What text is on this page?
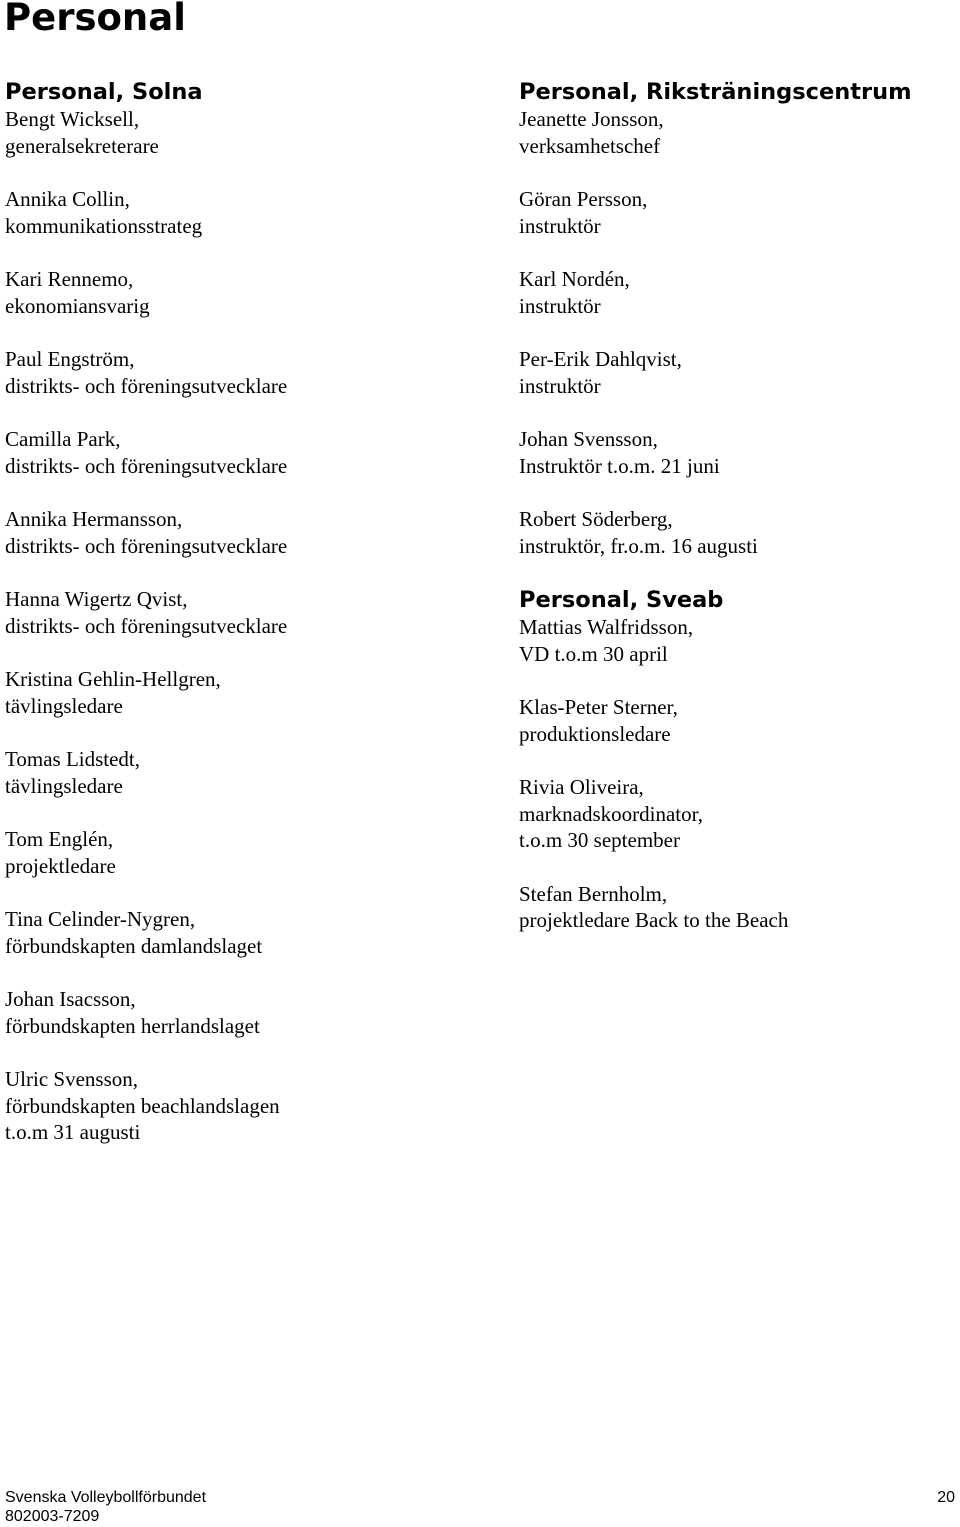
Personal
Personal, Solna
Bengt Wicksell,
generalsekreterare
Annika Collin,
kommunikationsstrateg
Kari Rennemo,
ekonomiansvarig
Paul Engström,
distrikts- och föreningsutvecklare
Camilla Park,
distrikts- och föreningsutvecklare
Annika Hermansson,
distrikts- och föreningsutvecklare
Hanna Wigertz Qvist,
distrikts- och föreningsutvecklare
Kristina Gehlin-Hellgren,
tävlingsledare
Tomas Lidstedt,
tävlingsledare
Tom Englén,
projektledare
Tina Celinder-Nygren,
förbundskapten damlandslaget
Johan Isacsson,
förbundskapten herrlandslaget
Ulric Svensson,
förbundskapten beachlandslagen
t.o.m 31 augusti
Personal, Riksträningscentrum
Jeanette Jonsson,
verksamhetschef
Göran Persson,
instruktör
Karl Nordén,
instruktör
Per-Erik Dahlqvist,
instruktör
Johan Svensson,
Instruktör t.o.m. 21 juni
Robert Söderberg,
instruktör, fr.o.m. 16 augusti
Personal, Sveab
Mattias Walfridsson,
VD t.o.m 30 april
Klas-Peter Sterner,
produktionsledare
Rivia Oliveira,
marknadskoordinator,
t.o.m 30 september
Stefan Bernholm,
projektledare Back to the Beach
Svenska Volleybollförbundet
802003-7209
20
